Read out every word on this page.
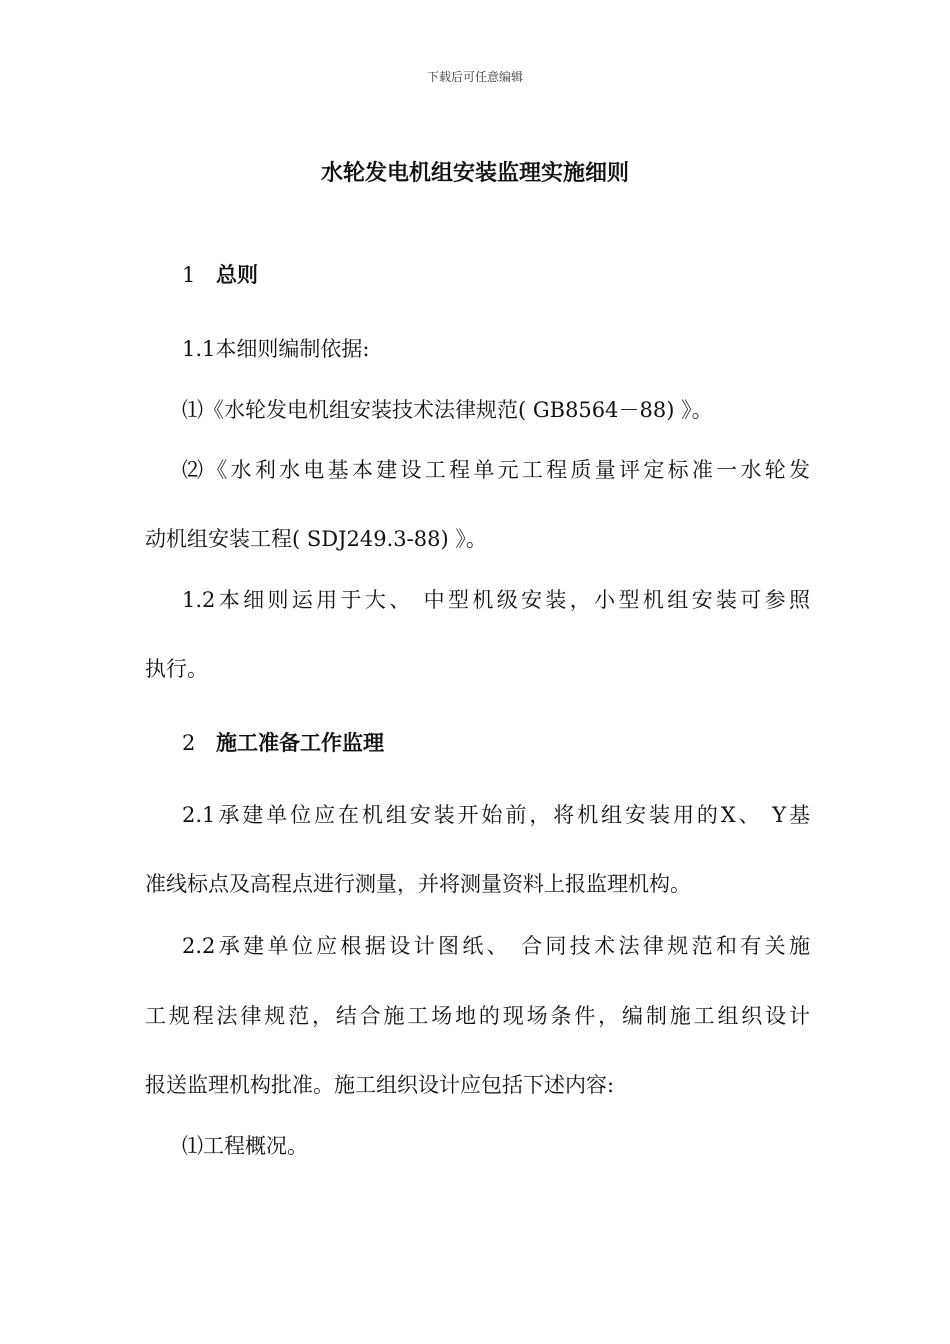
下载后可任意编辑
水轮发电机组安装监理实施细则
1 总则
1.1本细则编制依据:
⑴《水轮发电机组安装技术法律规范( GB8564－88) 》。
⑵《水利水电基本建设工程单元工程质量评定标准一水轮发
动机组安装工程( SDJ249.3-88) 》。
1.2本细则运用于大、 中型机级安装，小型机组安装可参照
执行。
2 施工准备工作监理
2.1承建单位应在机组安装开始前，将机组安装用的X、 Y基
准线标点及高程点进行测量，并将测量资料上报监理机构。
2.2承建单位应根据设计图纸、 合同技术法律规范和有关施
工规程法律规范，结合施工场地的现场条件，编制施工组织设计
报送监理机构批准。施工组织设计应包括下述内容:
⑴工程概况。
